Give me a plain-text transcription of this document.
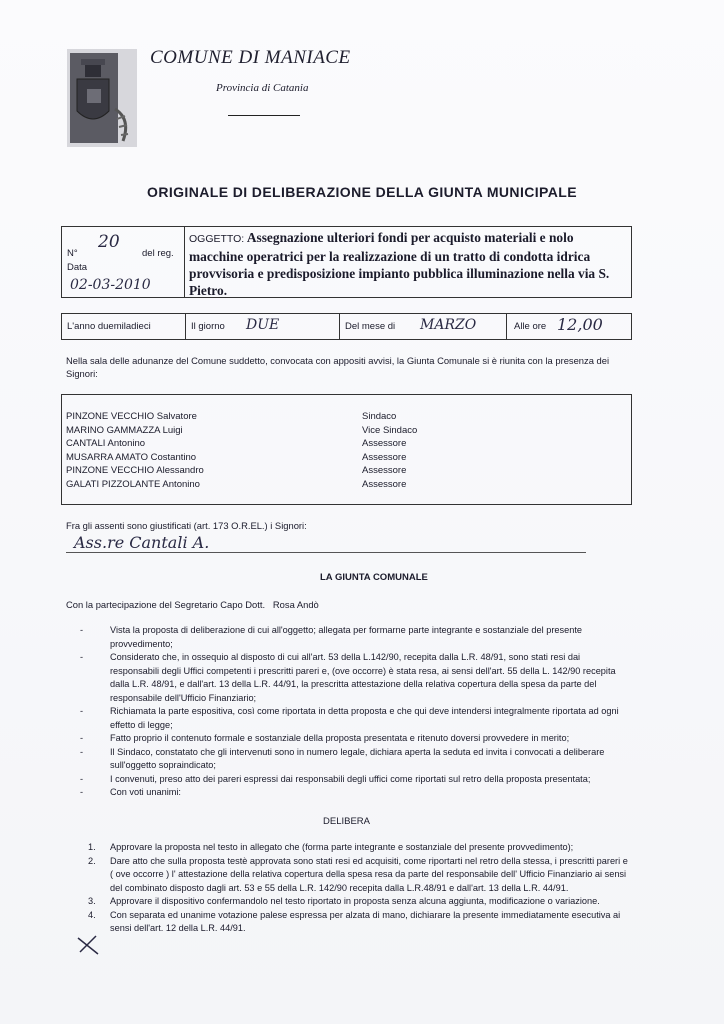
COMUNE DI MANIACE
Provincia di Catania
ORIGINALE DI DELIBERAZIONE DELLA GIUNTA MUNICIPALE
N°
20
del reg.
Data
02-03-2010
OGGETTO: Assegnazione ulteriori fondi per acquisto materiali e nolo macchine operatrici per la realizzazione di un tratto di condotta idrica provvisoria e predisposizione impianto pubblica illuminazione nella via S. Pietro.
L'anno duemiladieci	Il giorno DUE	Del mese di MARZO	Alle ore 12,00
Nella sala delle adunanze del Comune suddetto, convocata con appositi avvisi, la Giunta Comunale si è riunita con la presenza dei Signori:
PINZONE VECCHIO Salvatore	Sindaco
MARINO GAMMAZZA Luigi	Vice Sindaco
CANTALI Antonino	Assessore
MUSARRA AMATO Costantino	Assessore
PINZONE VECCHIO Alessandro	Assessore
GALATI PIZZOLANTE Antonino	Assessore
Fra gli assenti sono giustificati (art. 173 O.R.EL.) i Signori:
Ass.re Cantali A.
LA GIUNTA COMUNALE
Con la partecipazione del Segretario Capo Dott.   Rosa Andò
-	Vista la proposta di deliberazione di cui all'oggetto; allegata per formarne parte integrante e sostanziale del presente provvedimento;
-	Considerato che, in ossequio al disposto di cui all'art. 53 della L.142/90, recepita dalla L.R. 48/91, sono stati resi dai responsabili degli Uffici competenti i prescritti pareri e, (ove occorre) è stata resa, ai sensi dell'art. 55 della L. 142/90 recepita dalla L.R. 48/91, e dall'art. 13 della L.R. 44/91, la prescritta attestazione della relativa copertura della spesa da parte del responsabile dell'Ufficio Finanziario;
-	Richiamata la parte espositiva, così come riportata in detta proposta e che qui deve intendersi integralmente riportata ad ogni effetto di legge;
-	Fatto proprio il contenuto formale e sostanziale della proposta presentata e ritenuto doversi provvedere in merito;
-	Il Sindaco, constatato che gli intervenuti sono in numero legale, dichiara aperta la seduta ed invita i convocati a deliberare sull'oggetto sopraindicato;
-	I convenuti, preso atto dei pareri espressi dai responsabili degli uffici come riportati sul retro della proposta presentata;
-	Con voti unanimi:
DELIBERA
1. Approvare la proposta nel testo in allegato che (forma parte integrante e sostanziale del presente provvedimento);
2. Dare atto che sulla proposta testè approvata sono stati resi ed acquisiti, come riportarti nel retro della stessa, i prescritti pareri e ( ove occorre ) l' attestazione della relativa copertura della spesa resa da parte del responsabile dell' Ufficio Finanziario ai sensi del combinato disposto dagli art. 53 e 55 della L.R. 142/90 recepita dalla L.R.48/91 e dall'art. 13 della L.R. 44/91.
3. Approvare il dispositivo confermandolo nel testo riportato in proposta senza alcuna aggiunta, modificazione o variazione.
4. Con separata ed unanime votazione palese espressa per alzata di mano, dichiarare la presente immediatamente esecutiva ai sensi dell'art. 12 della L.R. 44/91.
